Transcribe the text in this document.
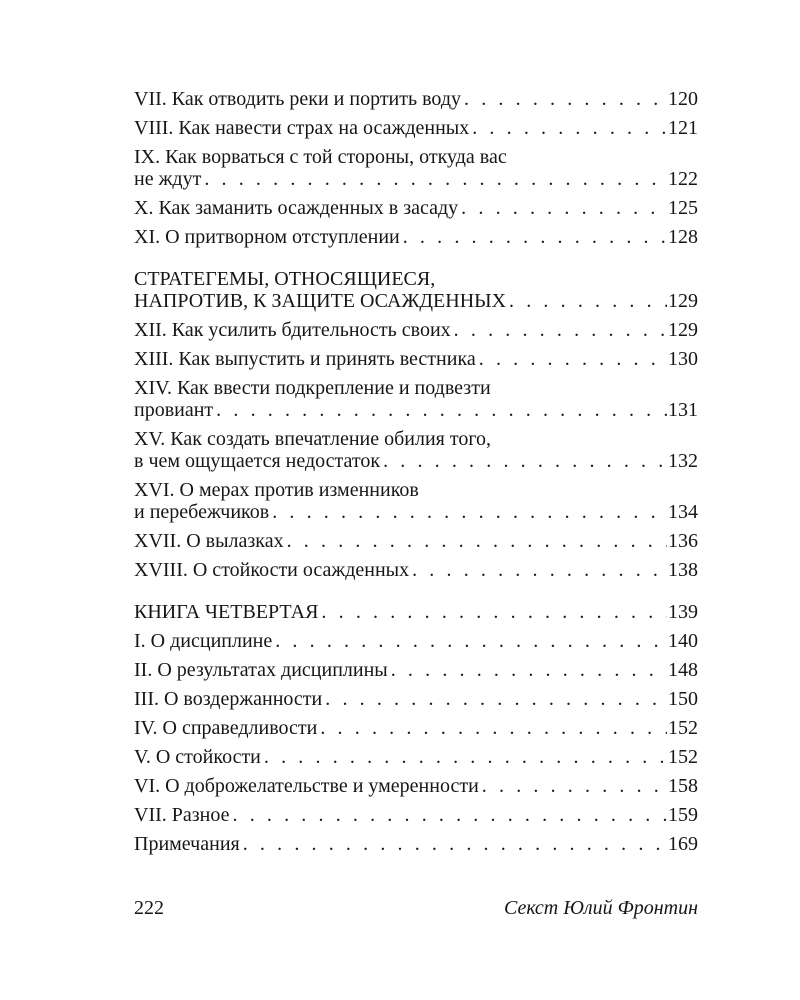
VII. Как отводить реки и портить воду . . .	120
VIII. Как навести страх на осажденных . . .	121
IX. Как ворваться с той стороны, откуда вас
не ждут . . .	122
X. Как заманить осажденных в засаду . . .	125
XI. О притворном отступлении . . .	128
СТРАТЕГЕМЫ, ОТНОСЯЩИЕСЯ,
НАПРОТИВ, К ЗАЩИТЕ ОСАЖДЕННЫХ . . .	129
XII. Как усилить бдительность своих . . .	129
XIII. Как выпустить и принять вестника . . .	130
XIV. Как ввести подкрепление и подвезти
провиант . . .	131
XV. Как создать впечатление обилия того,
в чем ощущается недостаток . . .	132
XVI. О мерах против изменников
и перебежчиков . . .	134
XVII. О вылазках . . .	136
XVIII. О стойкости осажденных . . .	138
КНИГА ЧЕТВЕРТАЯ . . .	139
I. О дисциплине . . .	140
II. О результатах дисциплины . . .	148
III. О воздержанности . . .	150
IV. О справедливости . . .	152
V. О стойкости . . .	152
VI. О доброжелательстве и умеренности . . .	158
VII. Разное . . .	159
Примечания . . .	169
222	Секст Юлий Фронтин
